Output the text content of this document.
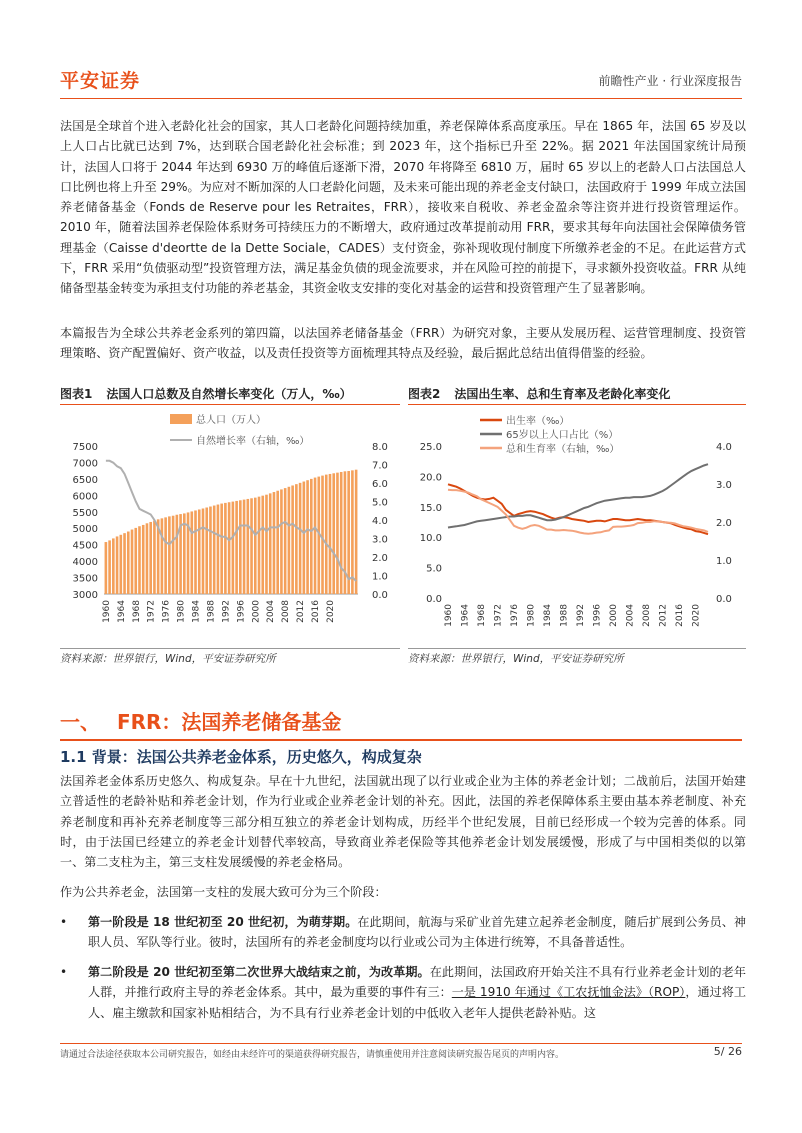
平安证券	前瞻性产业 · 行业深度报告
法国是全球首个进入老龄化社会的国家，其人口老龄化问题持续加重，养老保障体系高度承压。早在 1865 年，法国 65 岁及以上人口占比就已达到 7%，达到联合国老龄化社会标准；到 2023 年，这个指标已升至 22%。据 2021 年法国国家统计局预计，法国人口将于 2044 年达到 6930 万的峰值后逐渐下滑，2070 年将降至 6810 万，届时 65 岁以上的老龄人口占法国总人口比例也将上升至 29%。为应对不断加深的人口老龄化问题，及未来可能出现的养老金支付缺口，法国政府于 1999 年成立法国养老储备基金（Fonds de Reserve pour les Retraites，FRR），接收来自税收、养老金盈余等注资并进行投资管理运作。2010 年，随着法国养老保险体系财务可持续压力的不断增大，政府通过改革提前动用 FRR，要求其每年向法国社会保障债务管理基金（Caisse d'deortte de la Dette Sociale，CADES）支付资金，弥补现收现付制度下所缴养老金的不足。在此运营方式下，FRR 采用“负债驱动型”投资管理方法，满足基金负债的现金流要求，并在风险可控的前提下，寻求额外投资收益。FRR 从纯储备型基金转变为承担支付功能的养老基金，其资金收支安排的变化对基金的运营和投资管理产生了显著影响。
本篇报告为全球公共养老金系列的第四篇，以法国养老储备基金（FRR）为研究对象，主要从发展历程、运营管理制度、投资管理策略、资产配置偏好、资产收益，以及责任投资等方面梳理其特点及经验，最后据此总结出值得借鉴的经验。
图表1 法国人口总数及自然增长率变化（万人，‰）	图表2 法国出生率、总和生育率及老龄化率变化
7500
7000
6500
6000
5500
5000
4500
4000
3500
3000
8.0
7.0
6.0
5.0
4.0
3.0
2.0
1.0
0.0
1960 1964 1968 1972 1976 1980 1984 1988 1992 1996 2000 2004 2008 2012 2016 2020
总人口（万人）
自然增长率（右轴，‰）
25.0
20.0
15.0
10.0
5.0
0.0
4.0
3.0
2.0
1.0
0.0
1960 1964 1968 1972 1976 1980 1984 1988 1992 1996 2000 2004 2008 2012 2016 2020
出生率（‰）
65岁以上人口占比（%）
总和生育率（右轴，‰）
资料来源：世界银行，Wind，平安证券研究所	资料来源：世界银行，Wind，平安证券研究所
一、 FRR：法国养老储备基金
1.1 背景：法国公共养老金体系，历史悠久，构成复杂
法国养老金体系历史悠久、构成复杂。早在十九世纪，法国就出现了以行业或企业为主体的养老金计划；二战前后，法国开始建立普适性的老龄补贴和养老金计划，作为行业或企业养老金计划的补充。因此，法国的养老保障体系主要由基本养老制度、补充养老制度和再补充养老制度等三部分相互独立的养老金计划构成，历经半个世纪发展，目前已经形成一个较为完善的体系。同时，由于法国已经建立的养老金计划替代率较高，导致商业养老保险等其他养老金计划发展缓慢，形成了与中国相类似的以第一、第二支柱为主，第三支柱发展缓慢的养老金格局。
作为公共养老金，法国第一支柱的发展大致可分为三个阶段：
• 第一阶段是 18 世纪初至 20 世纪初，为萌芽期。在此期间，航海与采矿业首先建立起养老金制度，随后扩展到公务员、神职人员、军队等行业。彼时，法国所有的养老金制度均以行业或公司为主体进行统筹，不具备普适性。
• 第二阶段是 20 世纪初至第二次世界大战结束之前，为改革期。在此期间，法国政府开始关注不具有行业养老金计划的老年人群，并推行政府主导的养老金体系。其中，最为重要的事件有三：一是 1910 年通过《工农抚恤金法》（ROP），通过将工人、雇主缴款和国家补贴相结合，为不具有行业养老金计划的中低收入老年人提供老龄补贴。这
请通过合法途径获取本公司研究报告，如经由未经许可的渠道获得研究报告，请慎重使用并注意阅读研究报告尾页的声明内容。	5/ 26
